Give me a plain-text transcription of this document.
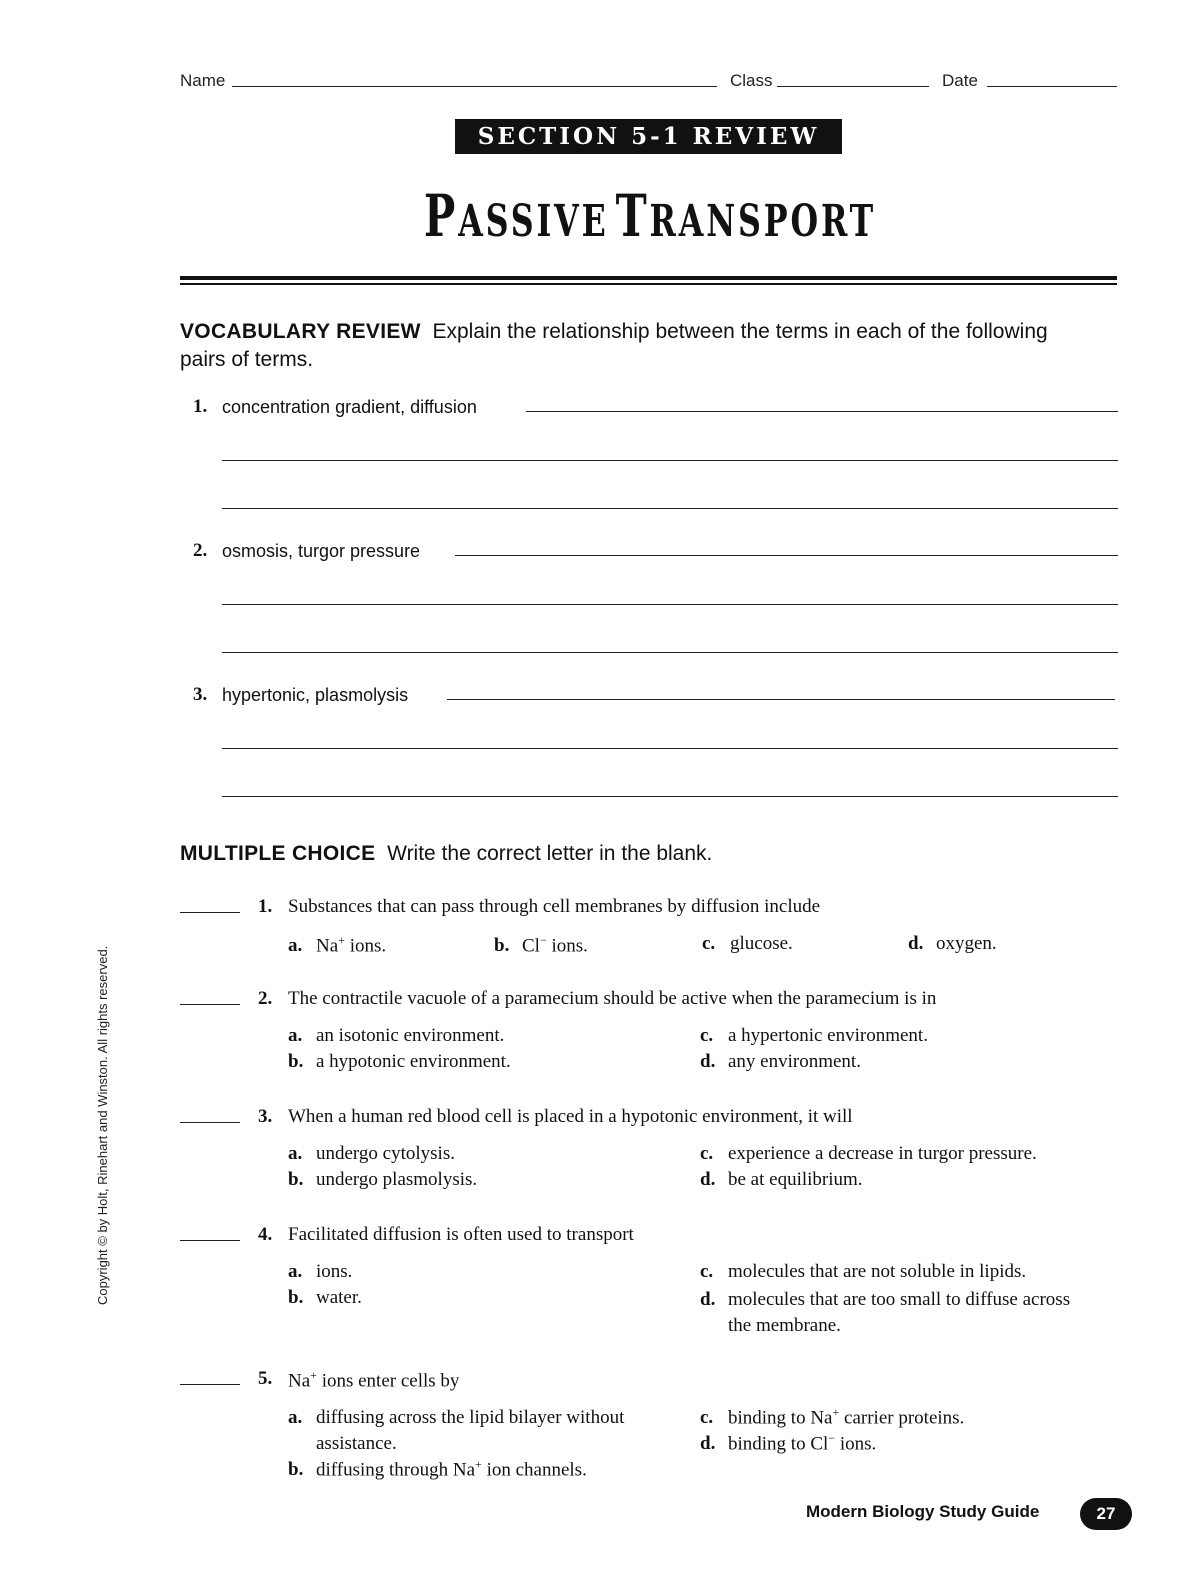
Name	Class	Date
SECTION 5-1 REVIEW
PASSIVE TRANSPORT
VOCABULARY REVIEW Explain the relationship between the terms in each of the following pairs of terms.
1. concentration gradient, diffusion
2. osmosis, turgor pressure
3. hypertonic, plasmolysis
MULTIPLE CHOICE Write the correct letter in the blank.
1. Substances that can pass through cell membranes by diffusion include
a. Na+ ions.	b. Cl− ions.	c. glucose.	d. oxygen.
2. The contractile vacuole of a paramecium should be active when the paramecium is in
a. an isotonic environment.
b. a hypotonic environment.
c. a hypertonic environment.
d. any environment.
3. When a human red blood cell is placed in a hypotonic environment, it will
a. undergo cytolysis.
b. undergo plasmolysis.
c. experience a decrease in turgor pressure.
d. be at equilibrium.
4. Facilitated diffusion is often used to transport
a. ions.
b. water.
c. molecules that are not soluble in lipids.
d. molecules that are too small to diffuse across the membrane.
5. Na+ ions enter cells by
a. diffusing across the lipid bilayer without assistance.
b. diffusing through Na+ ion channels.
c. binding to Na+ carrier proteins.
d. binding to Cl− ions.
Copyright © by Holt, Rinehart and Winston. All rights reserved.
Modern Biology Study Guide	27
